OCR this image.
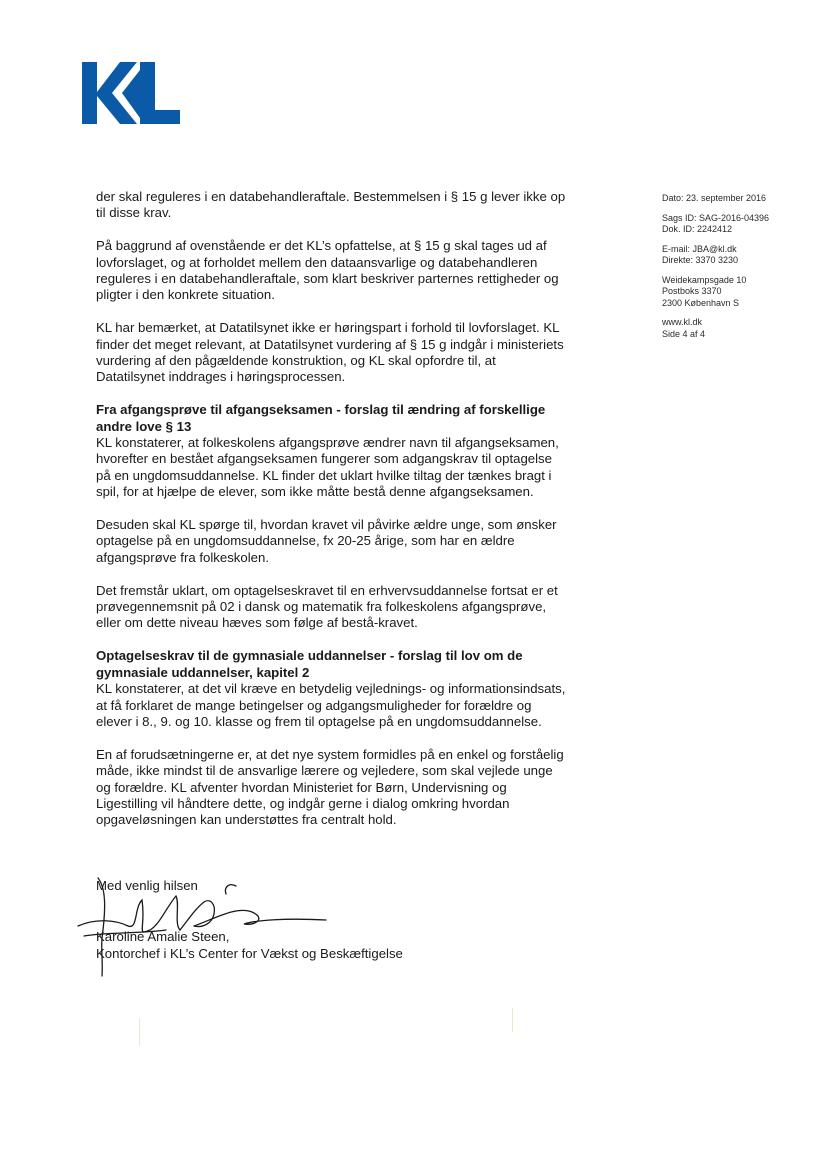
der skal reguleres i en databehandleraftale. Bestemmelsen i § 15 g lever ikke op til disse krav.

På baggrund af ovenstående er det KL’s opfattelse, at § 15 g skal tages ud af lovforslaget, og at forholdet mellem den dataansvarlige og databehandleren reguleres i en databehandleraftale, som klart beskriver parternes rettigheder og pligter i den konkrete situation.

KL har bemærket, at Datatilsynet ikke er høringspart i forhold til lovforslaget. KL finder det meget relevant, at Datatilsynet vurdering af § 15 g indgår i ministeriets vurdering af den pågældende konstruktion, og KL skal opfordre til, at Datatilsynet inddrages i høringsprocessen.

Fra afgangsprøve til afgangseksamen - forslag til ændring af forskellige andre love § 13
KL konstaterer, at folkeskolens afgangsprøve ændrer navn til afgangseksamen, hvorefter en bestået afgangseksamen fungerer som adgangskrav til optagelse på en ungdomsuddannelse. KL finder det uklart hvilke tiltag der tænkes bragt i spil, for at hjælpe de elever, som ikke måtte bestå denne afgangseksamen.

Desuden skal KL spørge til, hvordan kravet vil påvirke ældre unge, som ønsker optagelse på en ungdomsuddannelse, fx 20-25 årige, som har en ældre afgangsprøve fra folkeskolen.

Det fremstår uklart, om optagelseskravet til en erhvervsuddannelse fortsat er et prøvegennemsnit på 02 i dansk og matematik fra folkeskolens afgangsprøve, eller om dette niveau hæves som følge af bestå-kravet.

Optagelseskrav til de gymnasiale uddannelser - forslag til lov om de gymnasiale uddannelser, kapitel 2
KL konstaterer, at det vil kræve en betydelig vejlednings- og informationsindsats, at få forklaret de mange betingelser og adgangsmuligheder for forældre og elever i 8., 9. og 10. klasse og frem til optagelse på en ungdomsuddannelse.

En af forudsætningerne er, at det nye system formidles på en enkel og forståelig måde, ikke mindst til de ansvarlige lærere og vejledere, som skal vejlede unge og forældre. KL afventer hvordan Ministeriet for Børn, Undervisning og Ligestilling vil håndtere dette, og indgår gerne i dialog omkring hvordan opgaveløsningen kan understøttes fra centralt hold.

Dato: 23. september 2016
Sags ID: SAG-2016-04396
Dok. ID: 2242412
E-mail: JBA@kl.dk
Direkte: 3370 3230
Weidekampsgade 10
Postboks 3370
2300 København S
www.kl.dk
Side 4 af 4
Med venlig hilsen
Karoline Amalie Steen,
Kontorchef i KL’s Center for Vækst og Beskæftigelse
